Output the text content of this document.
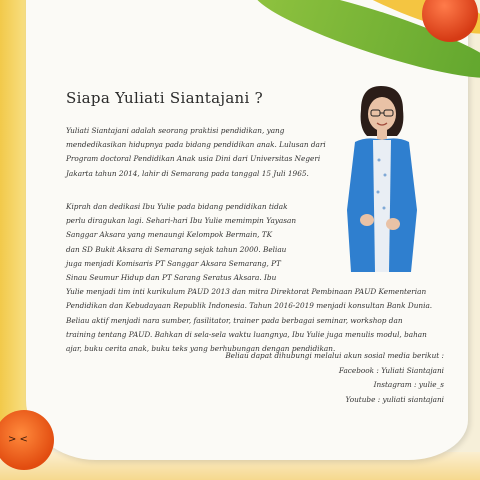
> <
Siapa Yuliati Siantajani ?
Yuliati Siantajani adalah seorang praktisi pendidikan, yang mendedikasikan hidupnya pada bidang pendidikan anak. Lulusan dari Program doctoral Pendidikan Anak usia Dini dari Universitas Negeri Jakarta tahun 2014, lahir di Semarang pada tanggal 15 Juli 1965.
Kiprah dan dedikasi Ibu Yulie pada bidang pendidikan tidak
perlu diragukan lagi. Sehari-hari Ibu Yulie memimpin Yayasan
Sanggar Aksara yang menaungi Kelompok Bermain, TK
dan SD Bukit Aksara di Semarang sejak tahun 2000. Beliau
juga menjadi Komisaris PT Sanggar Aksara Semarang, PT
Sinau Seumur Hidup dan PT Sarang Seratus Aksara. Ibu
Yulie menjadi tim inti kurikulum PAUD 2013 dan mitra Direktorat Pembinaan PAUD Kementerian
Pendidikan dan Kebudayaan Republik Indonesia. Tahun 2016-2019 menjadi konsultan Bank Dunia.
Beliau aktif menjadi nara sumber, fasilitator, trainer pada berbagai seminar, workshop dan
training tentang PAUD. Bahkan di sela-sela waktu luangnya, Ibu Yulie juga menulis modul, bahan
ajar, buku cerita anak, buku teks yang berhubungan dengan pendidikan.
Beliau dapat dihubungi melalui akun sosial media berikut :
Facebook : Yuliati Siantajani
Instagram : yulie_s
Youtube : yuliati siantajani
